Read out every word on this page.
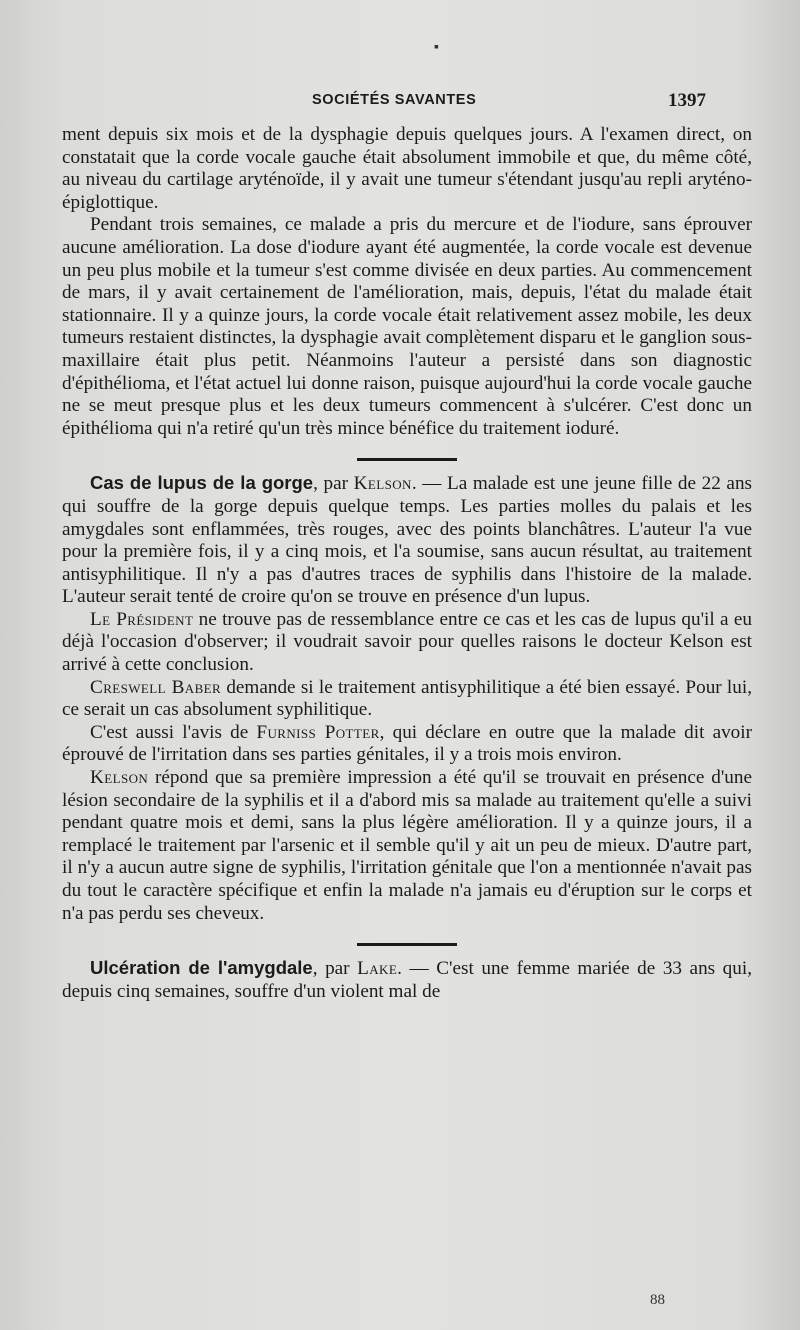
▪
SOCIÉTÉS SAVANTES	1397

ment depuis six mois et de la dysphagie depuis quelques jours. A l'examen direct, on constatait que la corde vocale gauche était absolument immobile et que, du même côté, au niveau du cartilage aryténoïde, il y avait une tumeur s'étendant jusqu'au repli aryténo-épiglottique.

Pendant trois semaines, ce malade a pris du mercure et de l'iodure, sans éprouver aucune amélioration. La dose d'iodure ayant été augmentée, la corde vocale est devenue un peu plus mobile et la tumeur s'est comme divisée en deux parties. Au commencement de mars, il y avait certainement de l'amélioration, mais, depuis, l'état du malade était stationnaire. Il y a quinze jours, la corde vocale était relativement assez mobile, les deux tumeurs restaient distinctes, la dysphagie avait complètement disparu et le ganglion sous-maxillaire était plus petit. Néanmoins l'auteur a persisté dans son diagnostic d'épithélioma, et l'état actuel lui donne raison, puisque aujourd'hui la corde vocale gauche ne se meut presque plus et les deux tumeurs commencent à s'ulcérer. C'est donc un épithélioma qui n'a retiré qu'un très mince bénéfice du traitement ioduré.

Cas de lupus de la gorge, par Kelson. — La malade est une jeune fille de 22 ans qui souffre de la gorge depuis quelque temps. Les parties molles du palais et les amygdales sont enflammées, très rouges, avec des points blanchâtres. L'auteur l'a vue pour la première fois, il y a cinq mois, et l'a soumise, sans aucun résultat, au traitement antisyphilitique. Il n'y a pas d'autres traces de syphilis dans l'histoire de la malade. L'auteur serait tenté de croire qu'on se trouve en présence d'un lupus.

Le Président ne trouve pas de ressemblance entre ce cas et les cas de lupus qu'il a eu déjà l'occasion d'observer; il voudrait savoir pour quelles raisons le docteur Kelson est arrivé à cette conclusion.

Creswell Baber demande si le traitement antisyphilitique a été bien essayé. Pour lui, ce serait un cas absolument syphilitique.

C'est aussi l'avis de Furniss Potter, qui déclare en outre que la malade dit avoir éprouvé de l'irritation dans ses parties génitales, il y a trois mois environ.

Kelson répond que sa première impression a été qu'il se trouvait en présence d'une lésion secondaire de la syphilis et il a d'abord mis sa malade au traitement qu'elle a suivi pendant quatre mois et demi, sans la plus légère amélioration. Il y a quinze jours, il a remplacé le traitement par l'arsenic et il semble qu'il y ait un peu de mieux. D'autre part, il n'y a aucun autre signe de syphilis, l'irritation génitale que l'on a mentionnée n'avait pas du tout le caractère spécifique et enfin la malade n'a jamais eu d'éruption sur le corps et n'a pas perdu ses cheveux.

Ulcération de l'amygdale, par Lake. — C'est une femme mariée de 33 ans qui, depuis cinq semaines, souffre d'un violent mal de

88
